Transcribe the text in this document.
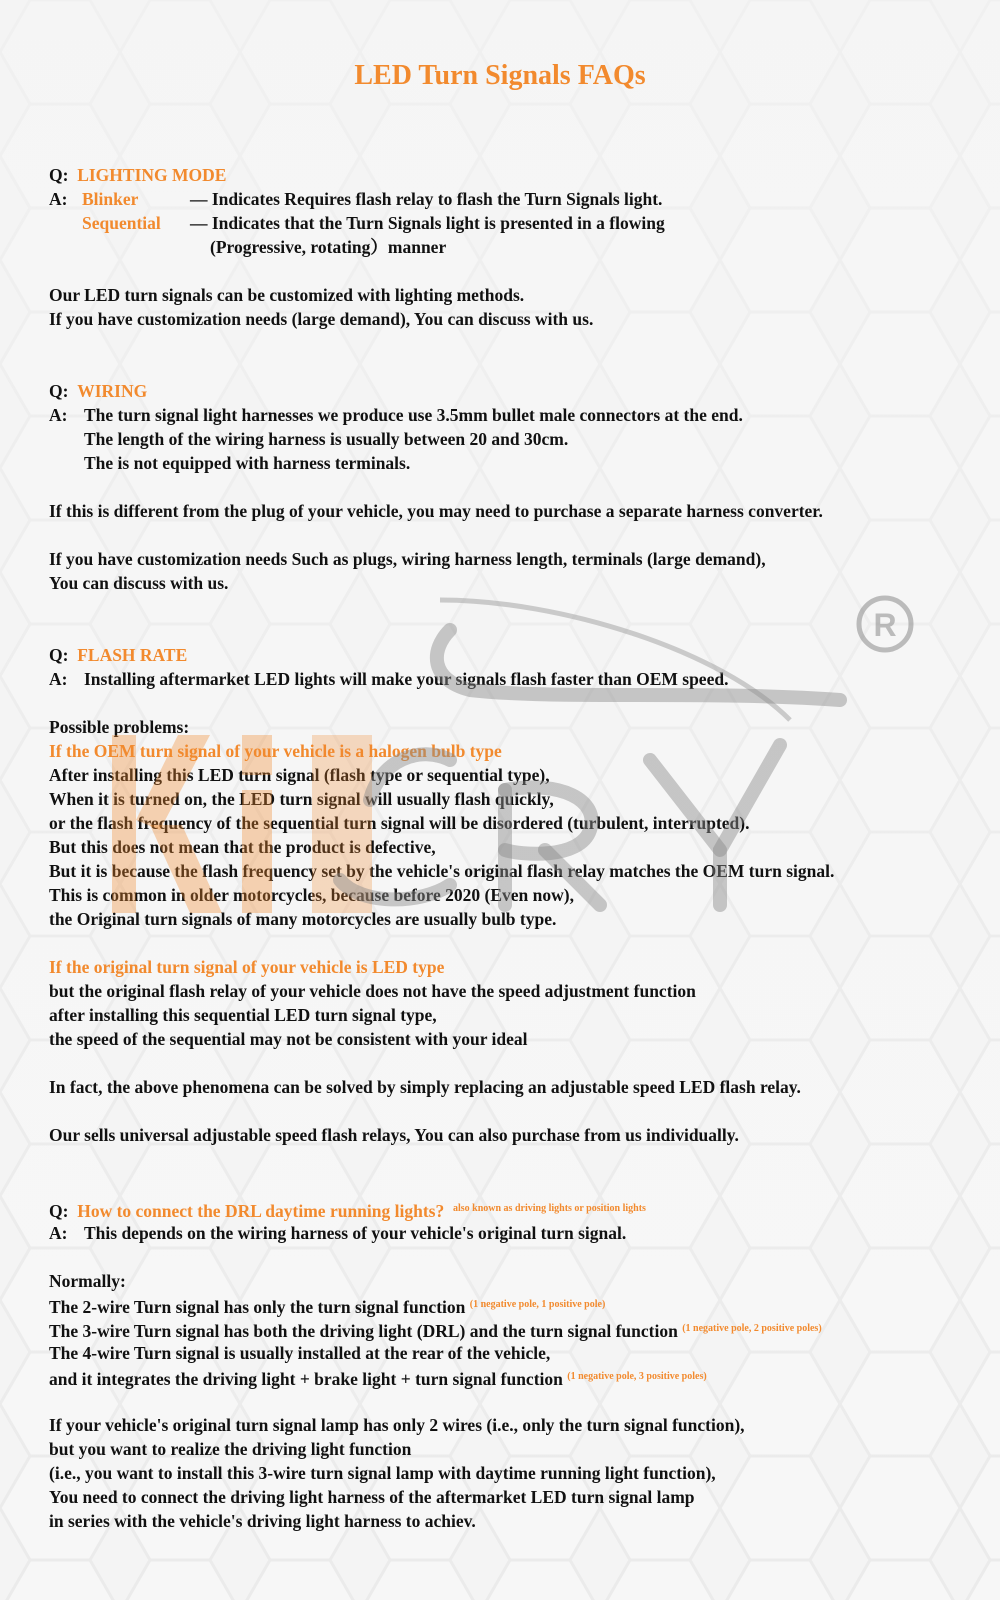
LED Turn Signals FAQs

Q: LIGHTING MODE

A: Blinker	— Indicates Requires flash relay to flash the Turn Signals light.
Sequential — Indicates that the Turn Signals light is presented in a flowing
(Progressive, rotating）manner

Our LED turn signals can be customized with lighting methods.

If you have customization needs (large demand), You can discuss with us.

Q: WIRING

A: The turn signal light harnesses we produce use 3.5mm bullet male connectors at the end.
The length of the wiring harness is usually between 20 and 30cm.
The is not equipped with harness terminals.

If this is different from the plug of your vehicle, you may need to purchase a separate harness converter.

If you have customization needs Such as plugs, wiring harness length, terminals (large demand),

You can discuss with us.

Q: FLASH RATE

A: Installing aftermarket LED lights will make your signals flash faster than OEM speed.

Possible problems:

If the OEM turn signal of your vehicle is a halogen bulb type

After installing this LED turn signal (flash type or sequential type),

When it is turned on, the LED turn signal will usually flash quickly,

or the flash frequency of the sequential turn signal will be disordered (turbulent, interrupted).

But this does not mean that the product is defective,

But it is because the flash frequency set by the vehicle's original flash relay matches the OEM turn signal.

This is common in older motorcycles, because before 2020 (Even now),

the Original turn signals of many motorcycles are usually bulb type.

If the original turn signal of your vehicle is LED type

but the original flash relay of your vehicle does not have the speed adjustment function

after installing this sequential LED turn signal type,

the speed of the sequential may not be consistent with your ideal

In fact, the above phenomena can be solved by simply replacing an adjustable speed LED flash relay.

Our sells universal adjustable speed flash relays, You can also purchase from us individually.

Q: How to connect the DRL daytime running lights? $^{also known as driving lights or position lights}$

A: This depends on the wiring harness of your vehicle's original turn signal.

Normally:

The 2-wire Turn signal has only the turn signal function $^{(1 negative pole, 1 positive pole)}$

The 3-wire Turn signal has both the driving light (DRL) and the turn signal function $^{(1 negative pole, 2 positive poles)}$

The 4-wire Turn signal is usually installed at the rear of the vehicle,

and it integrates the driving light + brake light + turn signal function $^{(1 negative pole, 3 positive poles)}$

If your vehicle's original turn signal lamp has only 2 wires (i.e., only the turn signal function),

but you want to realize the driving light function

(i.e., you want to install this 3-wire turn signal lamp with daytime running light function),

You need to connect the driving light harness of the aftermarket LED turn signal lamp

in series with the vehicle's driving light harness to achiev.

R
